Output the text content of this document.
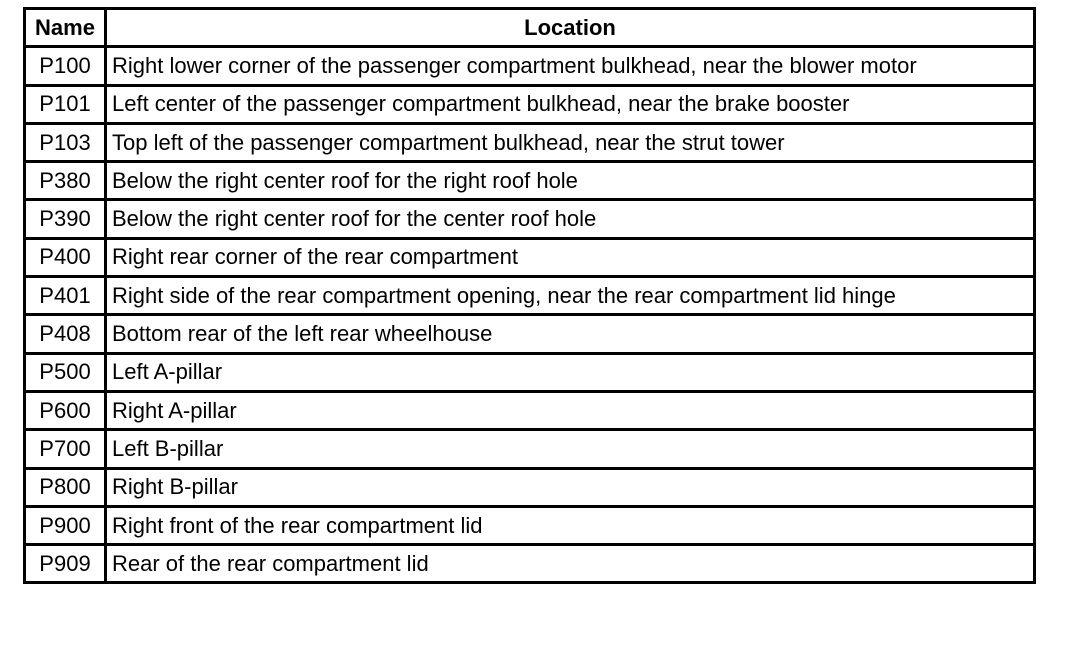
Name	Location
P100	Right lower corner of the passenger compartment bulkhead, near the blower motor
P101	Left center of the passenger compartment bulkhead, near the brake booster
P103	Top left of the passenger compartment bulkhead, near the strut tower
P380	Below the right center roof for the right roof hole
P390	Below the right center roof for the center roof hole
P400	Right rear corner of the rear compartment
P401	Right side of the rear compartment opening, near the rear compartment lid hinge
P408	Bottom rear of the left rear wheelhouse
P500	Left A-pillar
P600	Right A-pillar
P700	Left B-pillar
P800	Right B-pillar
P900	Right front of the rear compartment lid
P909	Rear of the rear compartment lid
